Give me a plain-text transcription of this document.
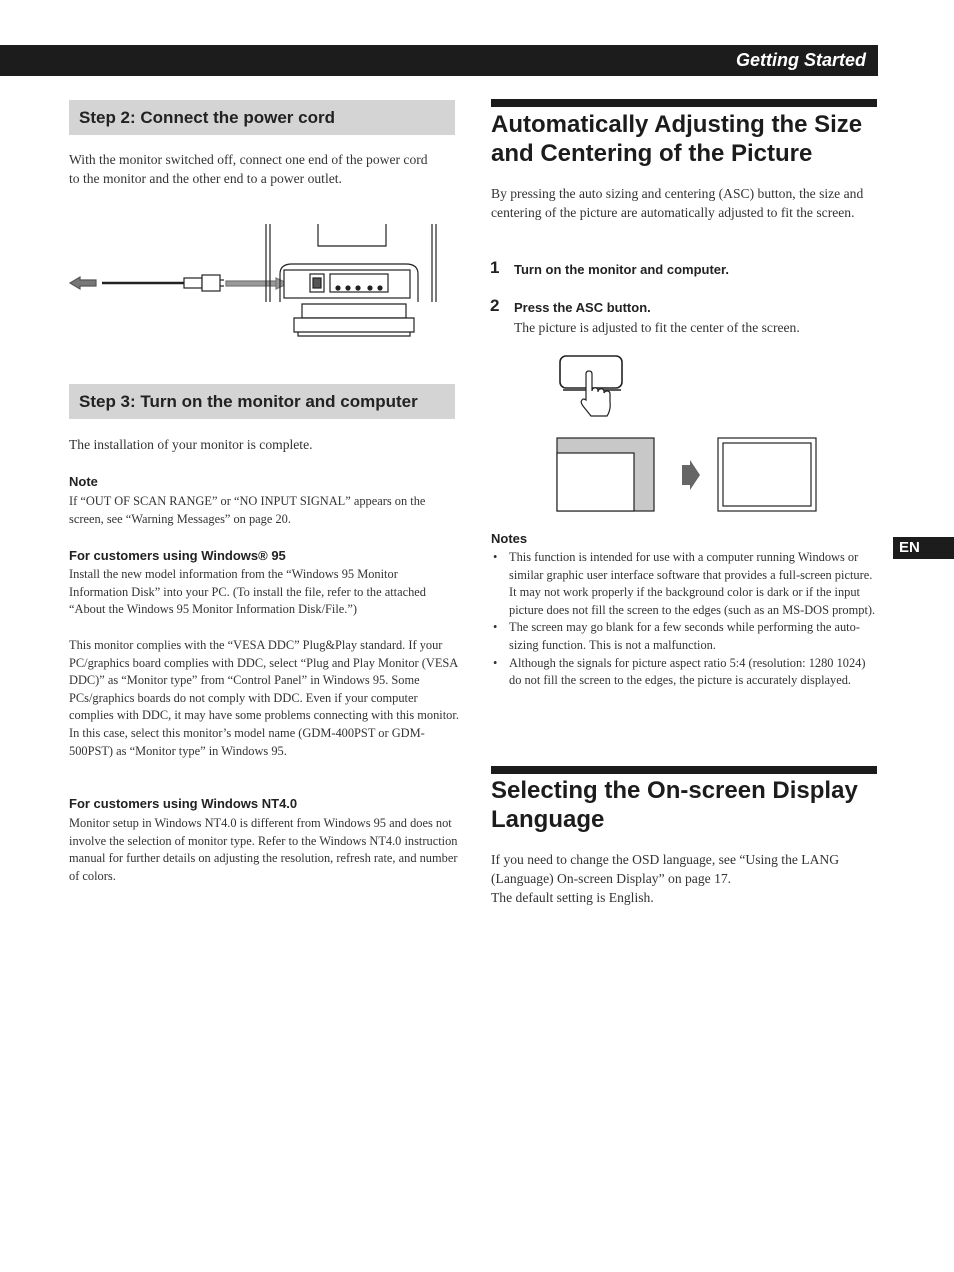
Getting Started
EN
Step 2: Connect the power cord
With the monitor switched off, connect one end of the power cord to the monitor and the other end to a power outlet.
Step 3: Turn on the monitor and computer
The installation of your monitor is complete.
Note
If “OUT OF SCAN RANGE” or “NO INPUT SIGNAL” appears on the screen, see “Warning Messages” on page 20.
For customers using Windows® 95
Install the new model information from the “Windows 95 Monitor Information Disk” into your PC. (To install the file, refer to the attached “About the Windows 95 Monitor Information Disk/File.”)
This monitor complies with the “VESA DDC” Plug&Play standard. If your PC/graphics board complies with DDC, select “Plug and Play Monitor (VESA DDC)” as “Monitor type” from “Control Panel” in Windows 95. Some PCs/graphics boards do not comply with DDC. Even if your computer complies with DDC, it may have some problems connecting with this monitor. In this case, select this monitor’s model name (GDM-400PST or GDM-500PST) as “Monitor type” in Windows 95.
For customers using Windows NT4.0
Monitor setup in Windows NT4.0 is different from Windows 95 and does not involve the selection of monitor type. Refer to the Windows NT4.0 instruction manual for further details on adjusting the resolution, refresh rate, and number of colors.
Automatically Adjusting the Size and Centering of the Picture
By pressing the auto sizing and centering (ASC) button, the size and centering of the picture are automatically adjusted to fit the screen.
1 Turn on the monitor and computer.
2 Press the ASC button.
The picture is adjusted to fit the center of the screen.
Notes
• This function is intended for use with a computer running Windows or similar graphic user interface software that provides a full-screen picture. It may not work properly if the background color is dark or if the input picture does not fill the screen to the edges (such as an MS-DOS prompt).
• The screen may go blank for a few seconds while performing the auto-sizing function. This is not a malfunction.
• Although the signals for picture aspect ratio 5:4 (resolution: 1280 1024) do not fill the screen to the edges, the picture is accurately displayed.
Selecting the On-screen Display Language
If you need to change the OSD language, see “Using the LANG (Language) On-screen Display” on page 17.
The default setting is English.
